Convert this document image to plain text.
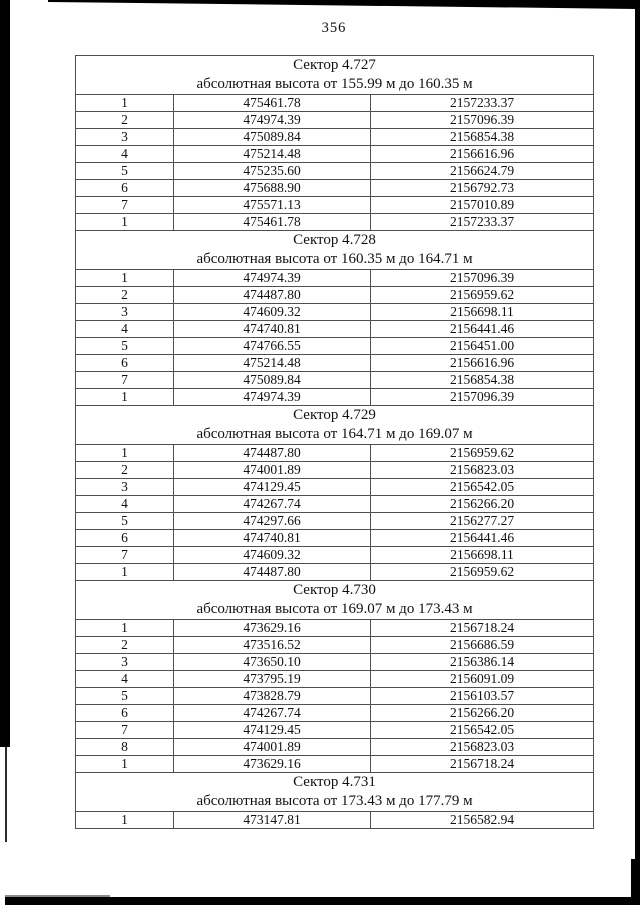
356
Сектор 4.727
абсолютная высота от 155.99 м до 160.35 м		

1	475461.78	2157233.37
2	474974.39	2157096.39
3	475089.84	2156854.38
4	475214.48	2156616.96
5	475235.60	2156624.79
6	475688.90	2156792.73
7	475571.13	2157010.89
1	475461.78	2157233.37

Сектор 4.728
абсолютная высота от 160.35 м до 164.71 м		

1	474974.39	2157096.39
2	474487.80	2156959.62
3	474609.32	2156698.11
4	474740.81	2156441.46
5	474766.55	2156451.00
6	475214.48	2156616.96
7	475089.84	2156854.38
1	474974.39	2157096.39

Сектор 4.729
абсолютная высота от 164.71 м до 169.07 м		

1	474487.80	2156959.62
2	474001.89	2156823.03
3	474129.45	2156542.05
4	474267.74	2156266.20
5	474297.66	2156277.27
6	474740.81	2156441.46
7	474609.32	2156698.11
1	474487.80	2156959.62

Сектор 4.730
абсолютная высота от 169.07 м до 173.43 м		

1	473629.16	2156718.24
2	473516.52	2156686.59
3	473650.10	2156386.14
4	473795.19	2156091.09
5	473828.79	2156103.57
6	474267.74	2156266.20
7	474129.45	2156542.05
8	474001.89	2156823.03
1	473629.16	2156718.24

Сектор 4.731
абсолютная высота от 173.43 м до 177.79 м		

1	473147.81	2156582.94
